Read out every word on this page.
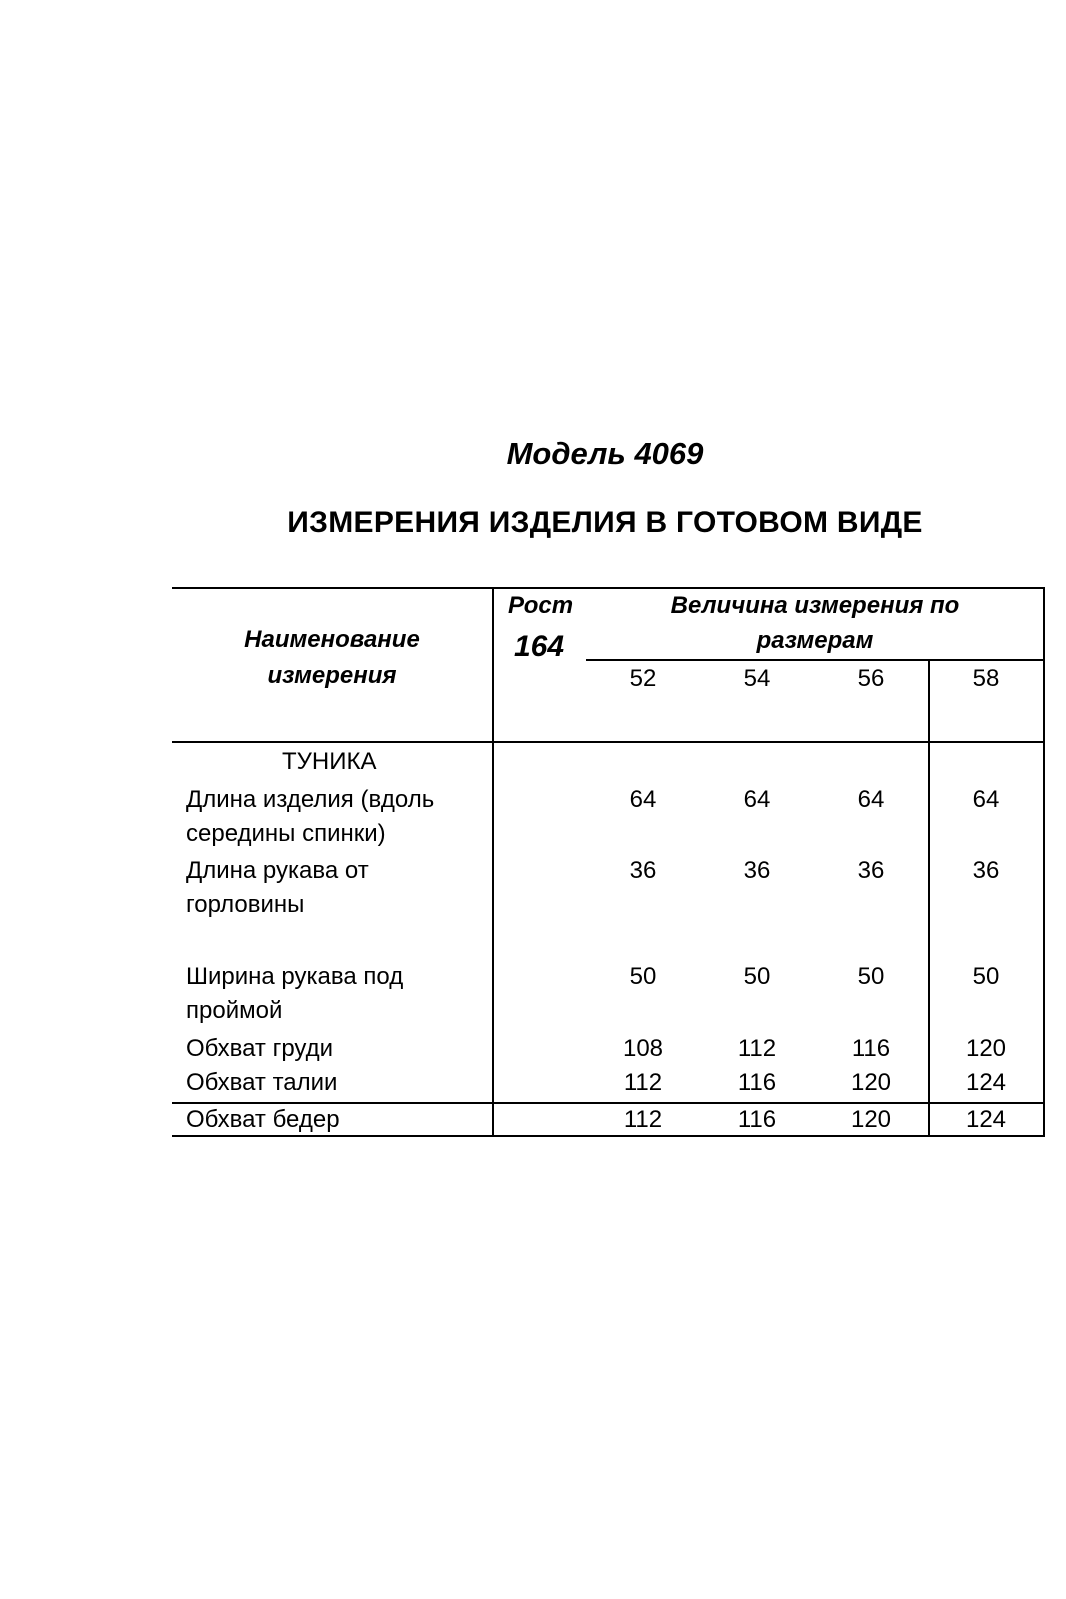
Модель 4069
ИЗМЕРЕНИЯ ИЗДЕЛИЯ В ГОТОВОМ ВИДЕ
Наименование
измерения
Рост
164
Величина измерения по
размерам
52	54	56	58
ТУНИКА
Длина изделия (вдоль
середины спинки)
64	64	64	64
Длина рукава от
горловины
36	36	36	36
Ширина рукава под
проймой
50	50	50	50
Обхват груди	108	112	116	120
Обхват талии	112	116	120	124
Обхват бедер	112	116	120	124
